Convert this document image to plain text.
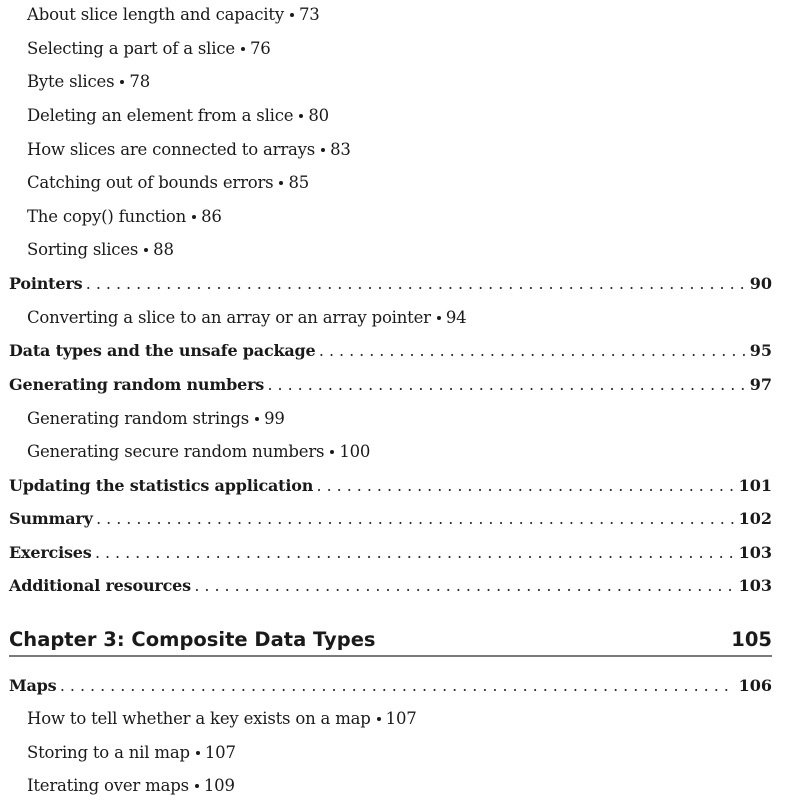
About slice length and capacity 73
Selecting a part of a slice 76
Byte slices 78
Deleting an element from a slice 80
How slices are connected to arrays 83
Catching out of bounds errors 85
The copy() function 86
Sorting slices 88
Pointers . . .	90
Converting a slice to an array or an array pointer 94
Data types and the unsafe package . . .	95
Generating random numbers . . .	97
Generating random strings 99
Generating secure random numbers 100
Updating the statistics application . . .	101
Summary . . .	102
Exercises . . .	103
Additional resources . . .	103
Chapter 3: Composite Data Types	105
Maps . . .	106
How to tell whether a key exists on a map 107
Storing to a nil map 107
Iterating over maps 109
